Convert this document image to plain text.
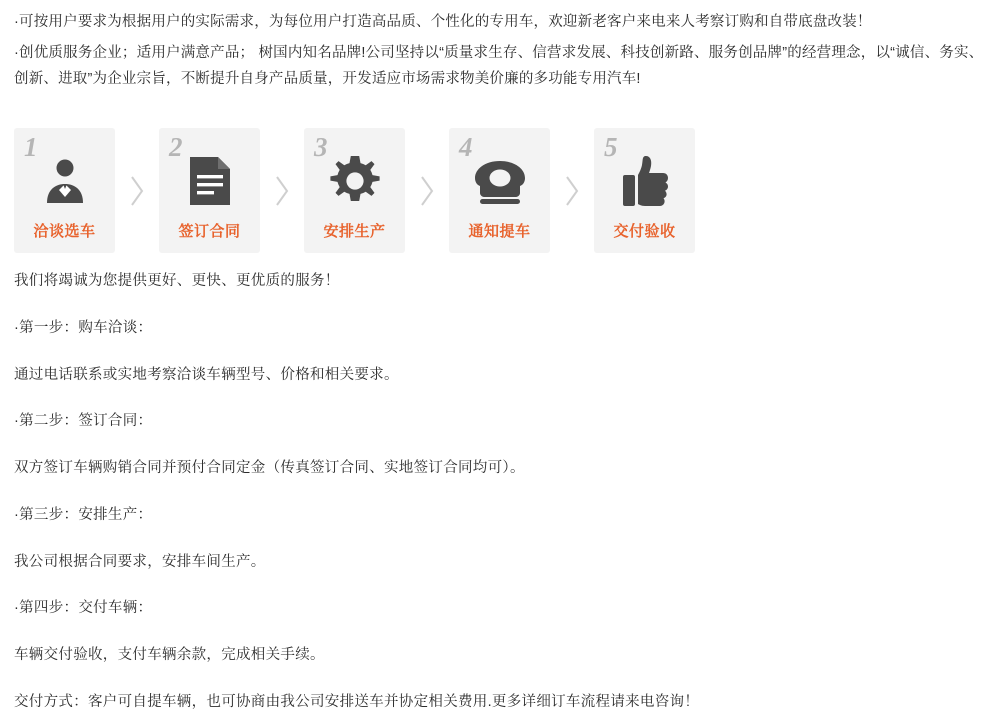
·可按用户要求为根据用户的实际需求，为每位用户打造高品质、个性化的专用车，欢迎新老客户来电来人考察订购和自带底盘改装！

·创优质服务企业；适用户满意产品； 树国内知名品牌!公司坚持以“质量求生存、信营求发展、科技创新路、服务创品牌”的经营理念，以“诚信、务实、创新、进取”为企业宗旨，不断提升自身产品质量，开发适应市场需求物美价廉的多功能专用汽车!

1
洽谈选车
2
签订合同
3
安排生产
4
通知提车
5
交付验收

我们将竭诚为您提供更好、更快、更优质的服务！

·第一步：购车洽谈：

通过电话联系或实地考察洽谈车辆型号、价格和相关要求。

·第二步：签订合同：

双方签订车辆购销合同并预付合同定金（传真签订合同、实地签订合同均可）。

·第三步：安排生产：

我公司根据合同要求，安排车间生产。

·第四步：交付车辆：

车辆交付验收，支付车辆余款，完成相关手续。

交付方式：客户可自提车辆，也可协商由我公司安排送车并协定相关费用.更多详细订车流程请来电咨询！
